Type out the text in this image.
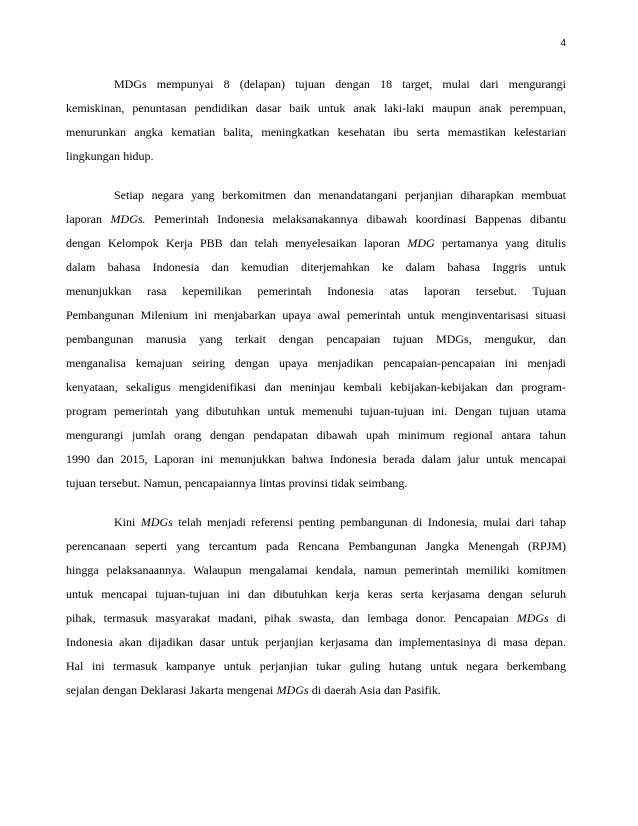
4
MDGs mempunyai 8 (delapan) tujuan dengan 18 target, mulai dari mengurangi
kemiskinan, penuntasan pendidikan dasar baik untuk anak laki-laki maupun anak perempuan,
menurunkan angka kematian balita, meningkatkan kesehatan ibu serta memastikan kelestarian
lingkungan hidup.
Setiap negara yang berkomitmen dan menandatangani perjanjian diharapkan membuat
laporan MDGs. Pemerintah Indonesia melaksanakannya dibawah koordinasi Bappenas dibantu
dengan Kelompok Kerja PBB dan telah menyelesaikan laporan MDG pertamanya yang ditulis
dalam bahasa Indonesia dan kemudian diterjemahkan ke dalam bahasa Inggris untuk
menunjukkan rasa kepemilikan pemerintah Indonesia atas laporan tersebut. Tujuan
Pembangunan Milenium ini menjabarkan upaya awal pemerintah untuk menginventarisasi situasi
pembangunan manusia yang terkait dengan pencapaian tujuan MDGs, mengukur, dan
menganalisa kemajuan seiring dengan upaya menjadikan pencapaian-pencapaian ini menjadi
kenyataan, sekaligus mengidenifikasi dan meninjau kembali kebijakan-kebijakan dan program-
program pemerintah yang dibutuhkan untuk memenuhi tujuan-tujuan ini. Dengan tujuan utama
mengurangi jumlah orang dengan pendapatan dibawah upah minimum regional antara tahun
1990 dan 2015, Laporan ini menunjukkan bahwa Indonesia berada dalam jalur untuk mencapai
tujuan tersebut. Namun, pencapaiannya lintas provinsi tidak seimbang.
Kini MDGs telah menjadi referensi penting pembangunan di Indonesia, mulai dari tahap
perencanaan seperti yang tercantum pada Rencana Pembangunan Jangka Menengah (RPJM)
hingga pelaksanaannya. Walaupun mengalamai kendala, namun pemerintah memiliki komitmen
untuk mencapai tujuan-tujuan ini dan dibutuhkan kerja keras serta kerjasama dengan seluruh
pihak, termasuk masyarakat madani, pihak swasta, dan lembaga donor. Pencapaian MDGs di
Indonesia akan dijadikan dasar untuk perjanjian kerjasama dan implementasinya di masa depan.
Hal ini termasuk kampanye untuk perjanjian tukar guling hutang untuk negara berkembang
sejalan dengan Deklarasi Jakarta mengenai MDGs di daerah Asia dan Pasifik.
